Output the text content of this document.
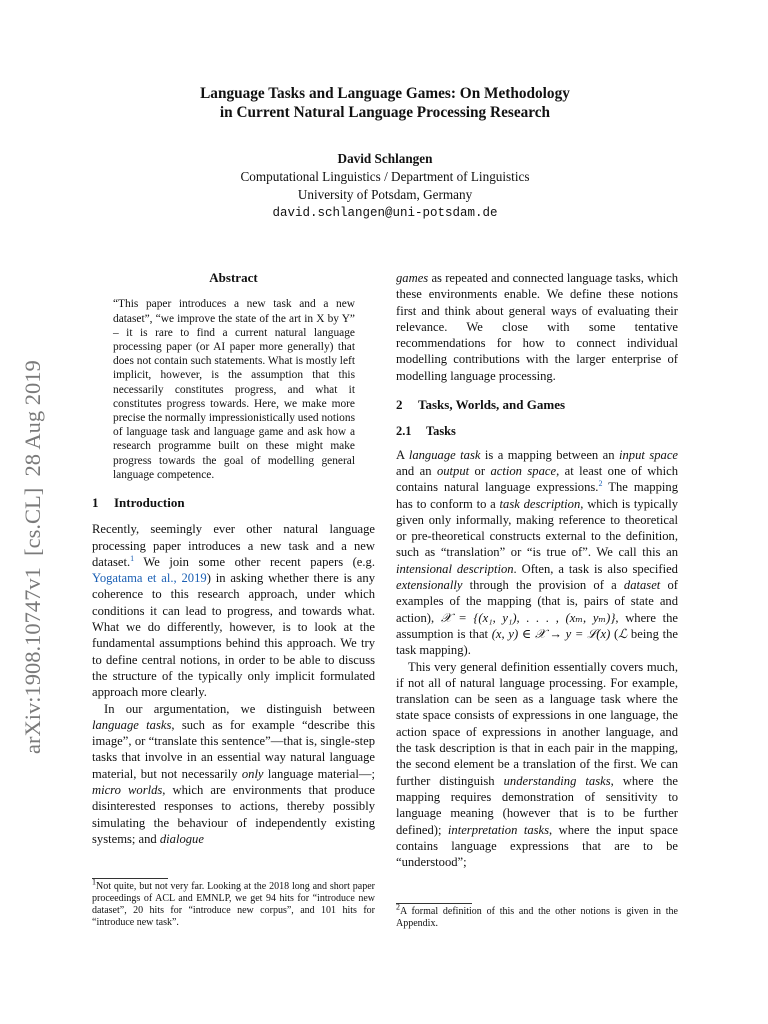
arXiv:1908.10747v1  [cs.CL]  28 Aug 2019
Language Tasks and Language Games: On Methodology
in Current Natural Language Processing Research
David Schlangen
Computational Linguistics / Department of Linguistics
University of Potsdam, Germany
david.schlangen@uni-potsdam.de
Abstract
“This paper introduces a new task and a new dataset”, “we improve the state of the art in X by Y” – it is rare to find a current natural language processing paper (or AI paper more generally) that does not contain such statements. What is mostly left implicit, however, is the assumption that this necessarily constitutes progress, and what it constitutes progress towards. Here, we make more precise the normally impressionistically used notions of language task and language game and ask how a research programme built on these might make progress towards the goal of modelling general language competence.
1 Introduction

Recently, seemingly ever other natural language processing paper introduces a new task and a new dataset.$^1$ We join some other recent papers (e.g. Yogatama et al., 2019) in asking whether there is any coherence to this research approach, under which conditions it can lead to progress, and towards what. What we do differently, however, is to look at the fundamental assumptions behind this approach. We try to define central notions, in order to be able to discuss the structure of the typically only implicit formulated approach more clearly.

In our argumentation, we distinguish between language tasks, such as for example “describe this image”, or “translate this sentence”—that is, single-step tasks that involve in an essential way natural language material, but not necessarily only language material—; micro worlds, which are environments that produce disinterested responses to actions, thereby possibly simulating the behaviour of independently existing systems; and dialogue

$^1$Not quite, but not very far. Looking at the 2018 long and short paper proceedings of ACL and EMNLP, we get 94 hits for “introduce new dataset”, 20 hits for “introduce new corpus”, and 101 hits for “introduce new task”.

games as repeated and connected language tasks, which these environments enable. We define these notions first and think about general ways of evaluating their relevance. We close with some tentative recommendations for how to connect individual modelling contributions with the larger enterprise of modelling language processing.

2 Tasks, Worlds, and Games
2.1 Tasks

A language task is a mapping between an input space and an output or action space, at least one of which contains natural language expressions.$^2$ The mapping has to conform to a task description, which is typically given only informally, making reference to theoretical or pre-theoretical constructs external to the definition, such as “translation” or “is true of”. We call this an intensional description. Often, a task is also specified extensionally through the provision of a dataset of examples of the mapping (that is, pairs of state and action), 𝒳 = {(x₁, y₁), . . . , (xₘ, yₘ)}, where the assumption is that (x, y) ∈ 𝒳 → y = ℒ(x) (ℒ being the task mapping).

This very general definition essentially covers much, if not all of natural language processing. For example, translation can be seen as a language task where the state space consists of expressions in one language, the action space of expressions in another language, and the task description is that in each pair in the mapping, the second element be a translation of the first. We can further distinguish understanding tasks, where the mapping requires demonstration of sensitivity to language meaning (however that is to be further defined); interpretation tasks, where the input space contains language expressions that are to be “understood”;

$^2$A formal definition of this and the other notions is given in the Appendix.
